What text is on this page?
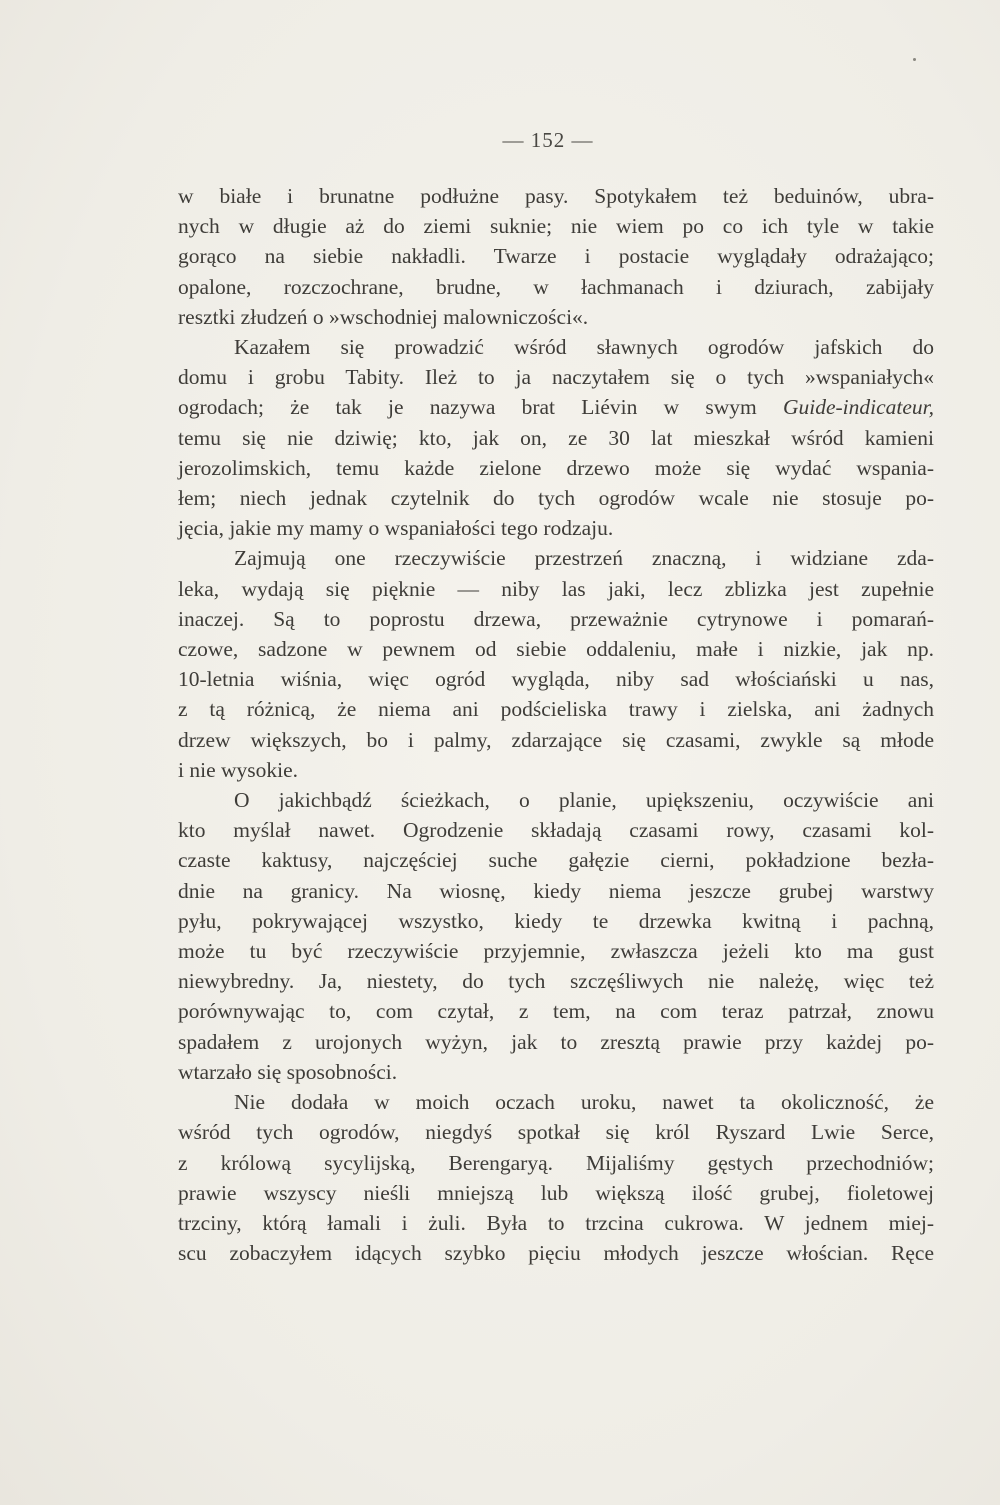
— 152 —

w białe i brunatne podłużne pasy. Spotykałem też beduinów, ubra-
nych w długie aż do ziemi suknie; nie wiem po co ich tyle w takie
gorąco na siebie nakładli. Twarze i postacie wyglądały odrażająco;
opalone, rozczochrane, brudne, w łachmanach i dziurach, zabijały
resztki złudzeń o »wschodniej malowniczości«.

Kazałem się prowadzić wśród sławnych ogrodów jafskich do
domu i grobu Tabity. Ileż to ja naczytałem się o tych »wspaniałych«
ogrodach; że tak je nazywa brat Liévin w swym Guide-indicateur,
temu się nie dziwię; kto, jak on, ze 30 lat mieszkał wśród kamieni
jerozolimskich, temu każde zielone drzewo może się wydać wspania-
łem; niech jednak czytelnik do tych ogrodów wcale nie stosuje po-
jęcia, jakie my mamy o wspaniałości tego rodzaju.

Zajmują one rzeczywiście przestrzeń znaczną, i widziane zda-
leka, wydają się pięknie — niby las jaki, lecz zblizka jest zupełnie
inaczej. Są to poprostu drzewa, przeważnie cytrynowe i pomarań-
czowe, sadzone w pewnem od siebie oddaleniu, małe i nizkie, jak np.
10-letnia wiśnia, więc ogród wygląda, niby sad włościański u nas,
z tą różnicą, że niema ani podścieliska trawy i zielska, ani żadnych
drzew większych, bo i palmy, zdarzające się czasami, zwykle są młode
i nie wysokie.

O jakichbądź ścieżkach, o planie, upiększeniu, oczywiście ani
kto myślał nawet. Ogrodzenie składają czasami rowy, czasami kol-
czaste kaktusy, najczęściej suche gałęzie cierni, pokładzione bezła-
dnie na granicy. Na wiosnę, kiedy niema jeszcze grubej warstwy
pyłu, pokrywającej wszystko, kiedy te drzewka kwitną i pachną,
może tu być rzeczywiście przyjemnie, zwłaszcza jeżeli kto ma gust
niewybredny. Ja, niestety, do tych szczęśliwych nie należę, więc też
porównywając to, com czytał, z tem, na com teraz patrzał, znowu
spadałem z urojonych wyżyn, jak to zresztą prawie przy każdej po-
wtarzało się sposobności.

Nie dodała w moich oczach uroku, nawet ta okoliczność, że
wśród tych ogrodów, niegdyś spotkał się król Ryszard Lwie Serce,
z królową sycylijską, Berengaryą. Mijaliśmy gęstych przechodniów;
prawie wszyscy nieśli mniejszą lub większą ilość grubej, fioletowej
trzciny, którą łamali i żuli. Była to trzcina cukrowa. W jednem miej-
scu zobaczyłem idących szybko pięciu młodych jeszcze włościan. Ręce
